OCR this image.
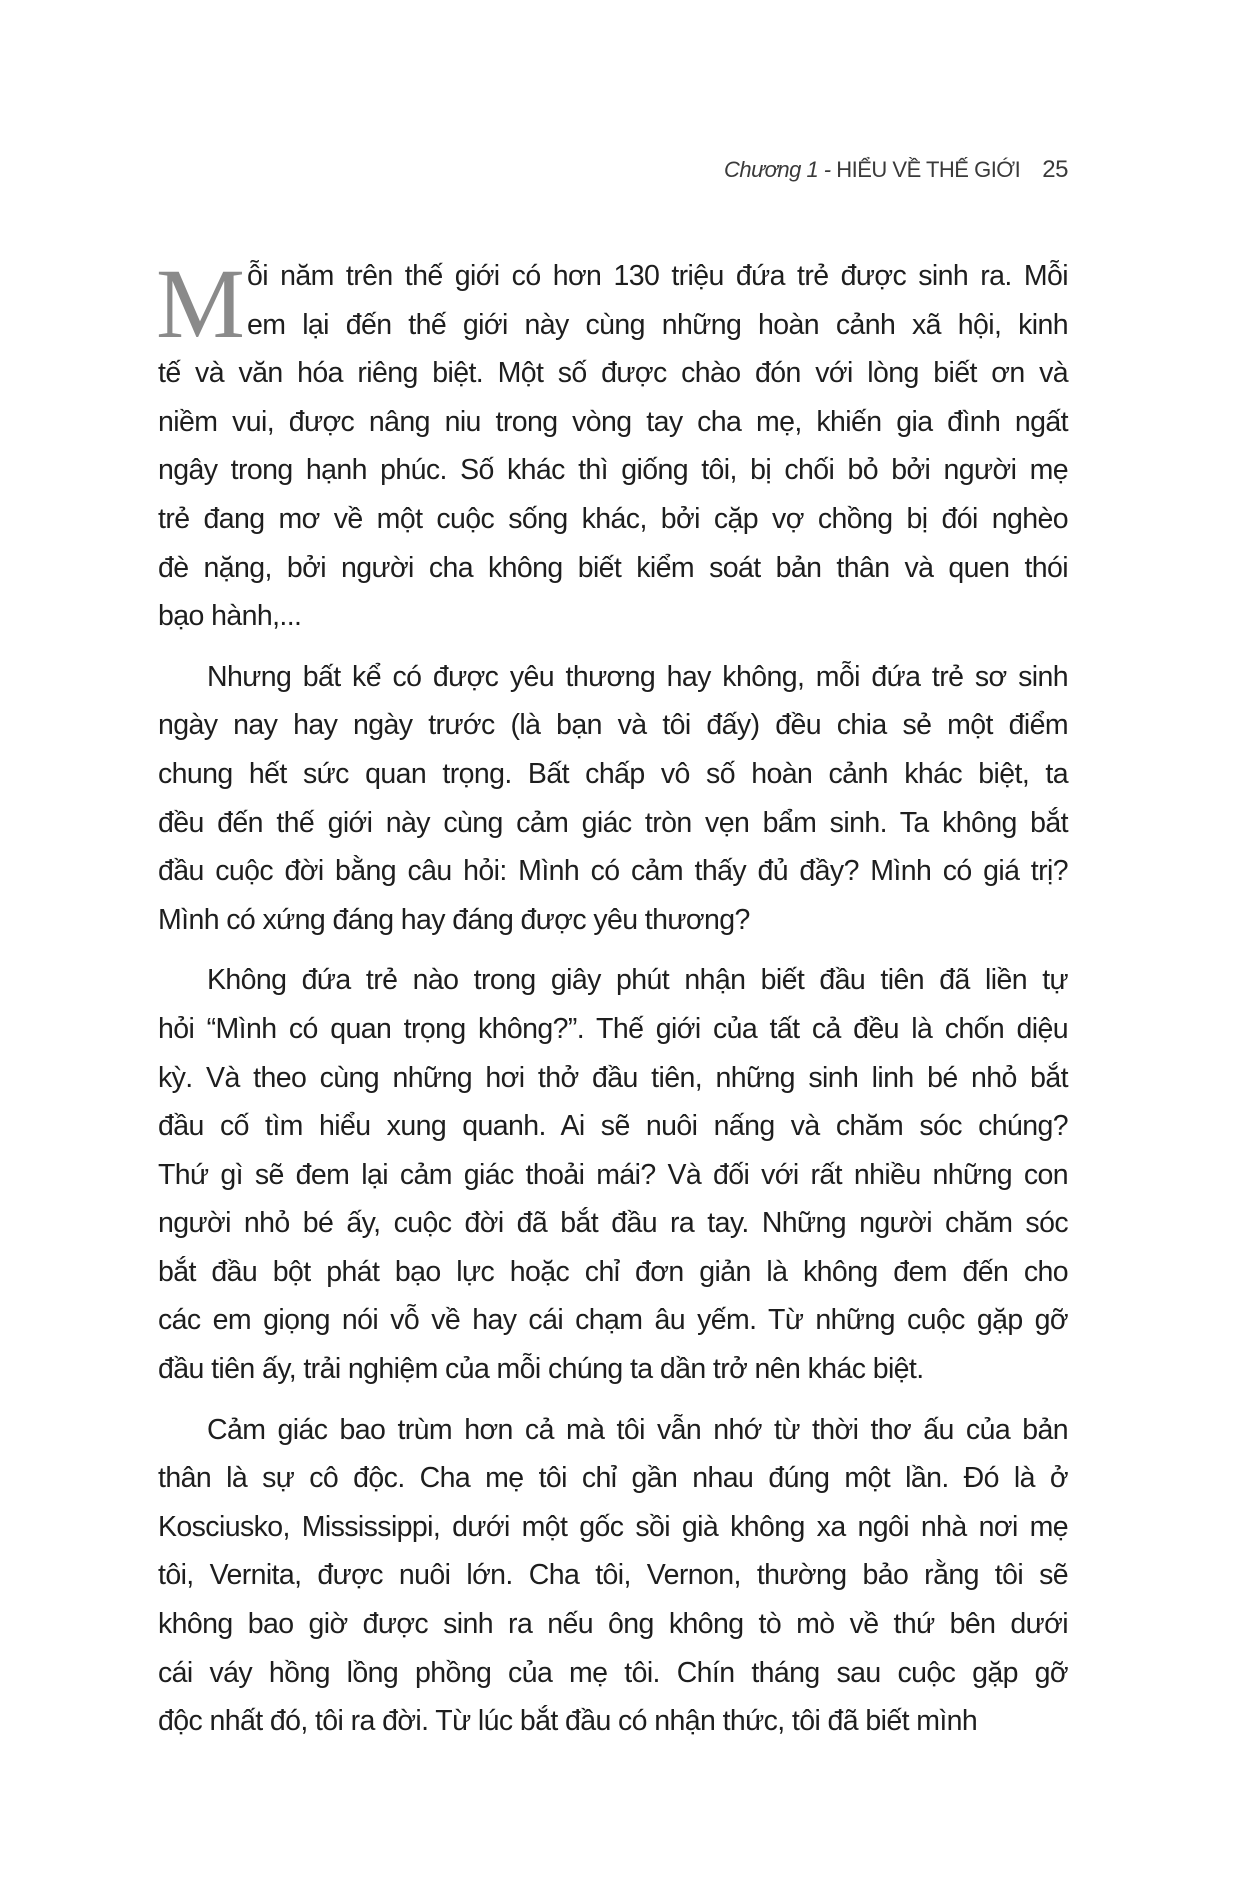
Chương 1 - HIỂU VỀ THẾ GIỚI 25
M ỗi năm trên thế giới có hơn 130 triệu đứa trẻ được sinh ra. Mỗi
em lại đến thế giới này cùng những hoàn cảnh xã hội, kinh
tế và văn hóa riêng biệt. Một số được chào đón với lòng biết ơn và
niềm vui, được nâng niu trong vòng tay cha mẹ, khiến gia đình ngất
ngây trong hạnh phúc. Số khác thì giống tôi, bị chối bỏ bởi người mẹ
trẻ đang mơ về một cuộc sống khác, bởi cặp vợ chồng bị đói nghèo
đè nặng, bởi người cha không biết kiểm soát bản thân và quen thói
bạo hành,...
Nhưng bất kể có được yêu thương hay không, mỗi đứa trẻ sơ sinh
ngày nay hay ngày trước (là bạn và tôi đấy) đều chia sẻ một điểm
chung hết sức quan trọng. Bất chấp vô số hoàn cảnh khác biệt, ta
đều đến thế giới này cùng cảm giác tròn vẹn bẩm sinh. Ta không bắt
đầu cuộc đời bằng câu hỏi: Mình có cảm thấy đủ đầy? Mình có giá trị?
Mình có xứng đáng hay đáng được yêu thương?
Không đứa trẻ nào trong giây phút nhận biết đầu tiên đã liền tự
hỏi “Mình có quan trọng không?”. Thế giới của tất cả đều là chốn diệu
kỳ. Và theo cùng những hơi thở đầu tiên, những sinh linh bé nhỏ bắt
đầu cố tìm hiểu xung quanh. Ai sẽ nuôi nấng và chăm sóc chúng?
Thứ gì sẽ đem lại cảm giác thoải mái? Và đối với rất nhiều những con
người nhỏ bé ấy, cuộc đời đã bắt đầu ra tay. Những người chăm sóc
bắt đầu bột phát bạo lực hoặc chỉ đơn giản là không đem đến cho
các em giọng nói vỗ về hay cái chạm âu yếm. Từ những cuộc gặp gỡ
đầu tiên ấy, trải nghiệm của mỗi chúng ta dần trở nên khác biệt.
Cảm giác bao trùm hơn cả mà tôi vẫn nhớ từ thời thơ ấu của bản
thân là sự cô độc. Cha mẹ tôi chỉ gần nhau đúng một lần. Đó là ở
Kosciusko, Mississippi, dưới một gốc sồi già không xa ngôi nhà nơi mẹ
tôi, Vernita, được nuôi lớn. Cha tôi, Vernon, thường bảo rằng tôi sẽ
không bao giờ được sinh ra nếu ông không tò mò về thứ bên dưới
cái váy hồng lồng phồng của mẹ tôi. Chín tháng sau cuộc gặp gỡ
độc nhất đó, tôi ra đời. Từ lúc bắt đầu có nhận thức, tôi đã biết mình
